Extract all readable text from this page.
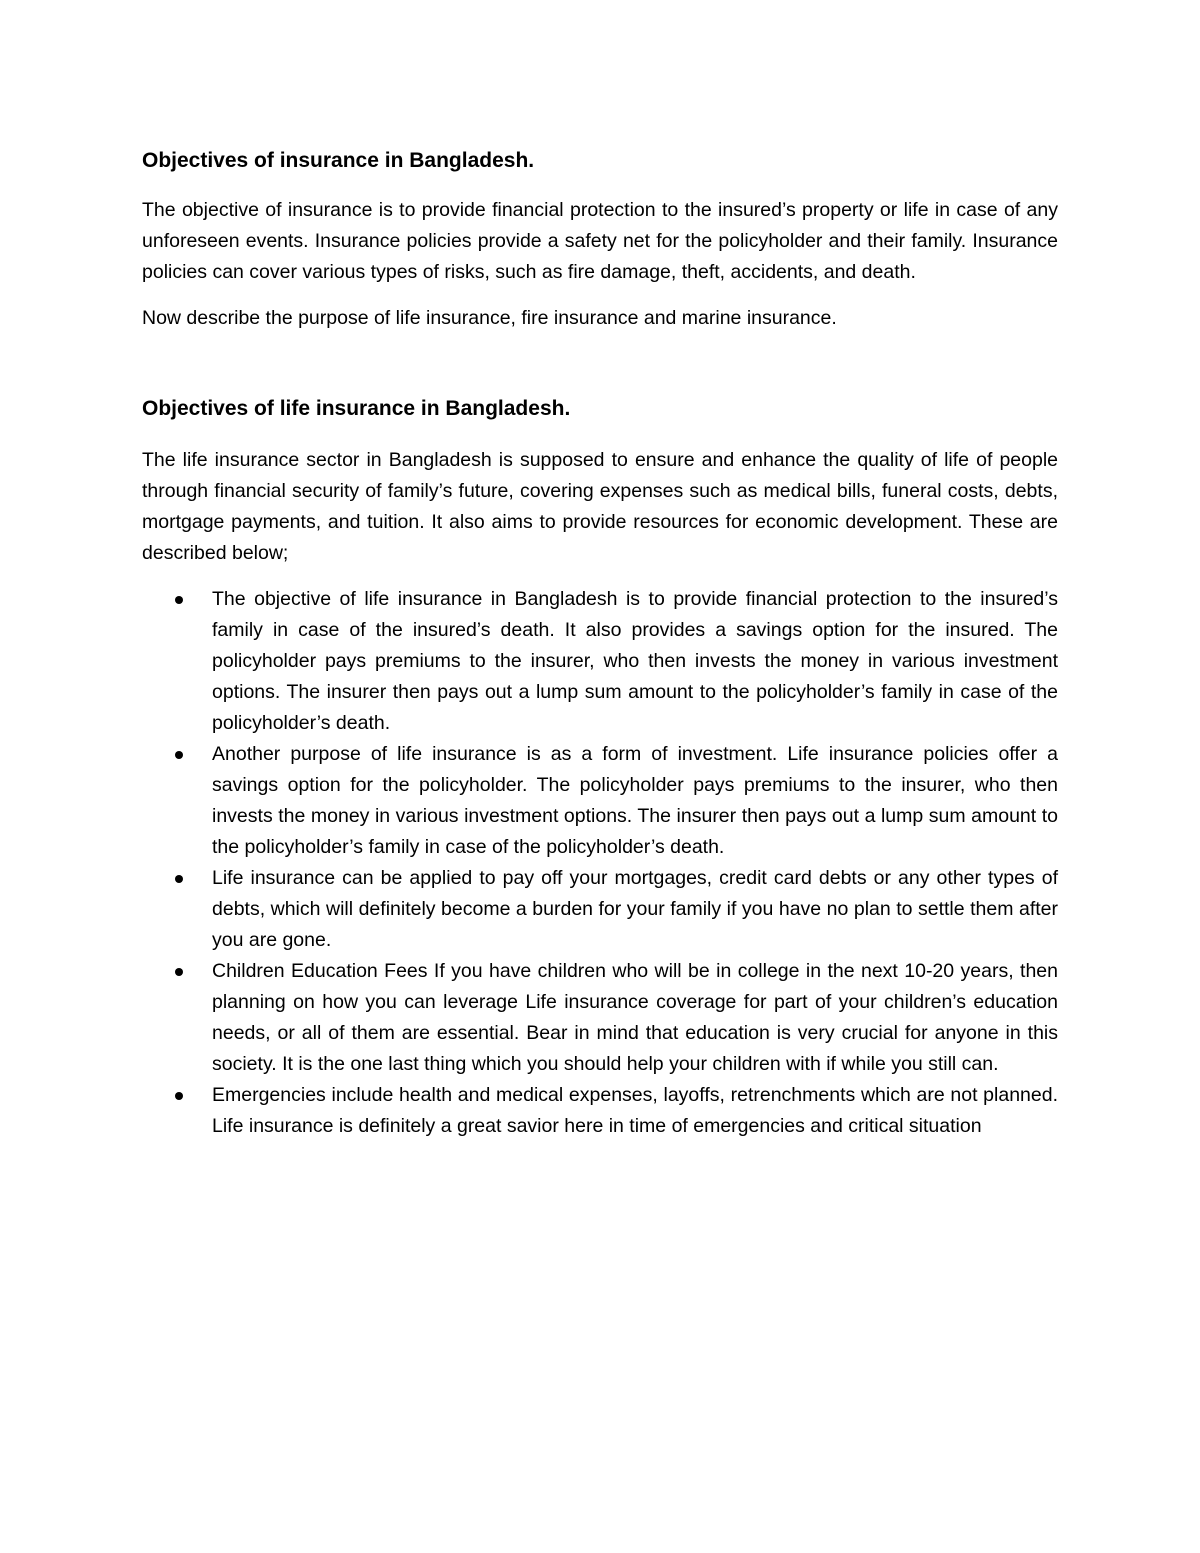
Objectives of insurance in Bangladesh.

The objective of insurance is to provide financial protection to the insured’s property or life in case of any unforeseen events. Insurance policies provide a safety net for the policyholder and their family. Insurance policies can cover various types of risks, such as fire damage, theft, accidents, and death.

Now describe the purpose of life insurance, fire insurance and marine insurance.

Objectives of life insurance in Bangladesh.

The life insurance sector in Bangladesh is supposed to ensure and enhance the quality of life of people through financial security of family’s future, covering expenses such as medical bills, funeral costs, debts, mortgage payments, and tuition. It also aims to provide resources for economic development. These are described below;

The objective of life insurance in Bangladesh is to provide financial protection to the insured’s family in case of the insured’s death. It also provides a savings option for the insured. The policyholder pays premiums to the insurer, who then invests the money in various investment options. The insurer then pays out a lump sum amount to the policyholder’s family in case of the policyholder’s death.
Another purpose of life insurance is as a form of investment. Life insurance policies offer a savings option for the policyholder. The policyholder pays premiums to the insurer, who then invests the money in various investment options. The insurer then pays out a lump sum amount to the policyholder’s family in case of the policyholder’s death.
Life insurance can be applied to pay off your mortgages, credit card debts or any other types of debts, which will definitely become a burden for your family if you have no plan to settle them after you are gone.
Children Education Fees If you have children who will be in college in the next 10-20 years, then planning on how you can leverage Life insurance coverage for part of your children’s education needs, or all of them are essential. Bear in mind that education is very crucial for anyone in this society. It is the one last thing which you should help your children with if while you still can.
Emergencies include health and medical expenses, layoffs, retrenchments which are not planned. Life insurance is definitely a great savior here in time of emergencies and critical situation
